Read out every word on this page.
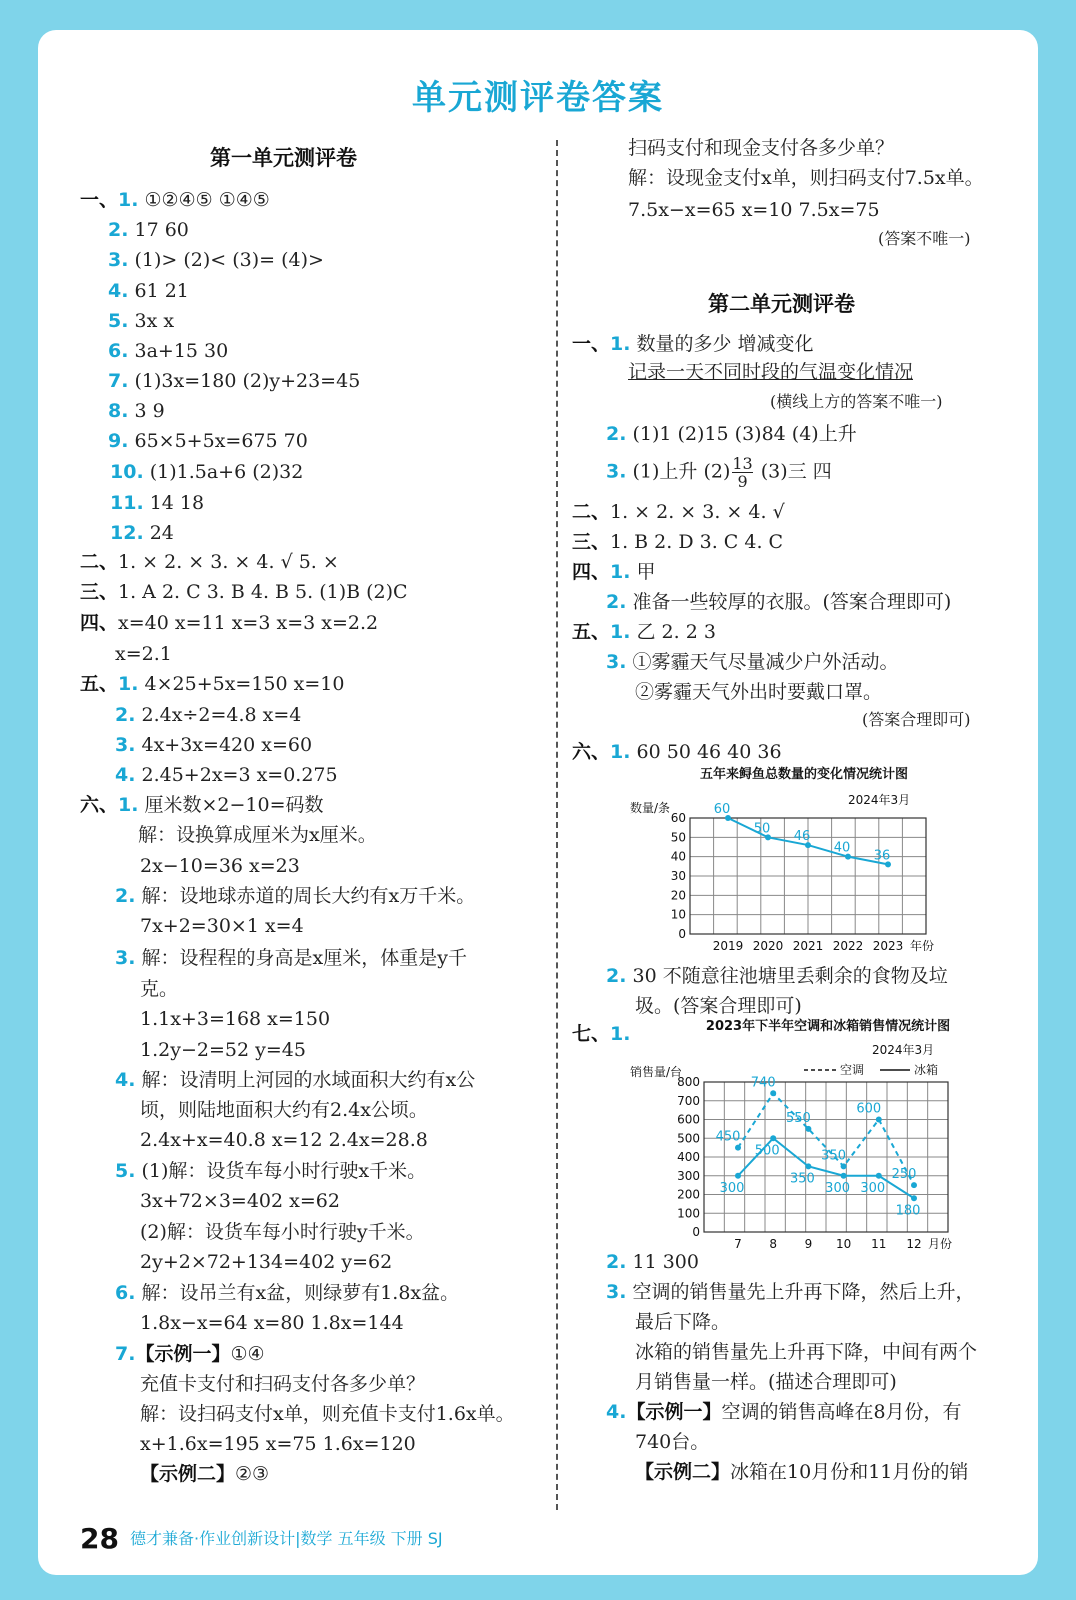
单元测评卷答案
第一单元测评卷
一、1. ①②④⑤ ①④⑤
2. 17 60
3. (1)> (2)< (3)= (4)>
4. 61 21
5. 3x x
6. 3a+15 30
7. (1)3x=180 (2)y+23=45
8. 3 9
9. 65×5+5x=675 70
10. (1)1.5a+6 (2)32
11. 14 18
12. 24
二、1. × 2. × 3. × 4. √ 5. ×
三、1. A 2. C 3. B 4. B 5. (1)B (2)C
四、x=40 x=11 x=3 x=3 x=2.2
x=2.1
五、1. 4×25+5x=150 x=10
2. 2.4x÷2=4.8 x=4
3. 4x+3x=420 x=60
4. 2.45+2x=3 x=0.275
六、1. 厘米数×2−10=码数
解：设换算成厘米为x厘米。
2x−10=36 x=23
2. 解：设地球赤道的周长大约有x万千米。
7x+2=30×1 x=4
3. 解：设程程的身高是x厘米，体重是y千
克。
1.1x+3=168 x=150
1.2y−2=52 y=45
4. 解：设清明上河园的水域面积大约有x公
顷，则陆地面积大约有2.4x公顷。
2.4x+x=40.8 x=12 2.4x=28.8
5. (1)解：设货车每小时行驶x千米。
3x+72×3=402 x=62
(2)解：设货车每小时行驶y千米。
2y+2×72+134=402 y=62
6. 解：设吊兰有x盆，则绿萝有1.8x盆。
1.8x−x=64 x=80 1.8x=144
7.【示例一】①④
充值卡支付和扫码支付各多少单？
解：设扫码支付x单，则充值卡支付1.6x单。
x+1.6x=195 x=75 1.6x=120
【示例二】②③
扫码支付和现金支付各多少单？
解：设现金支付x单，则扫码支付7.5x单。
7.5x−x=65 x=10 7.5x=75
(答案不唯一)
第二单元测评卷
一、1. 数量的多少 增减变化
记录一天不同时段的气温变化情况
(横线上方的答案不唯一)
2. (1)1 (2)15 (3)84 (4)上升
3. (1)上升 $(2) \frac{13}{9} (3)$三 四
二、1. × 2. × 3. × 4. √
三、1. B 2. D 3. C 4. C
四、1. 甲
2. 准备一些较厚的衣服。(答案合理即可)
五、1. 乙 2. 2 3
3. ①雾霾天气尽量减少户外活动。
②雾霾天气外出时要戴口罩。
(答案合理即可)
六、1. 60 50 46 40 36
五年来鲟鱼总数量的变化情况统计图
2024年3月
数量/条
0
10
20
30
40
50
60
2019 2020 2021 2022 2023 年份
60
50
46
40
36
2. 30 不随意往池塘里丢剩余的食物及垃
圾。(答案合理即可)
七、1.	2023年下半年空调和冰箱销售情况统计图
2024年3月
销售量/台
0
100
200
300
400
500
600
700
800
7 8 9 10 11 12 月份
450
740
550
350
600
250
300
500
350
300 300
180
空调	冰箱
2. 11 300
3. 空调的销售量先上升再下降，然后上升，
最后下降。
冰箱的销售量先上升再下降，中间有两个
月销售量一样。(描述合理即可)
4.【示例一】空调的销售高峰在8月份，有
740台。
【示例二】冰箱在10月份和11月份的销
28 德才兼备·作业创新设计|数学 五年级 下册 SJ
